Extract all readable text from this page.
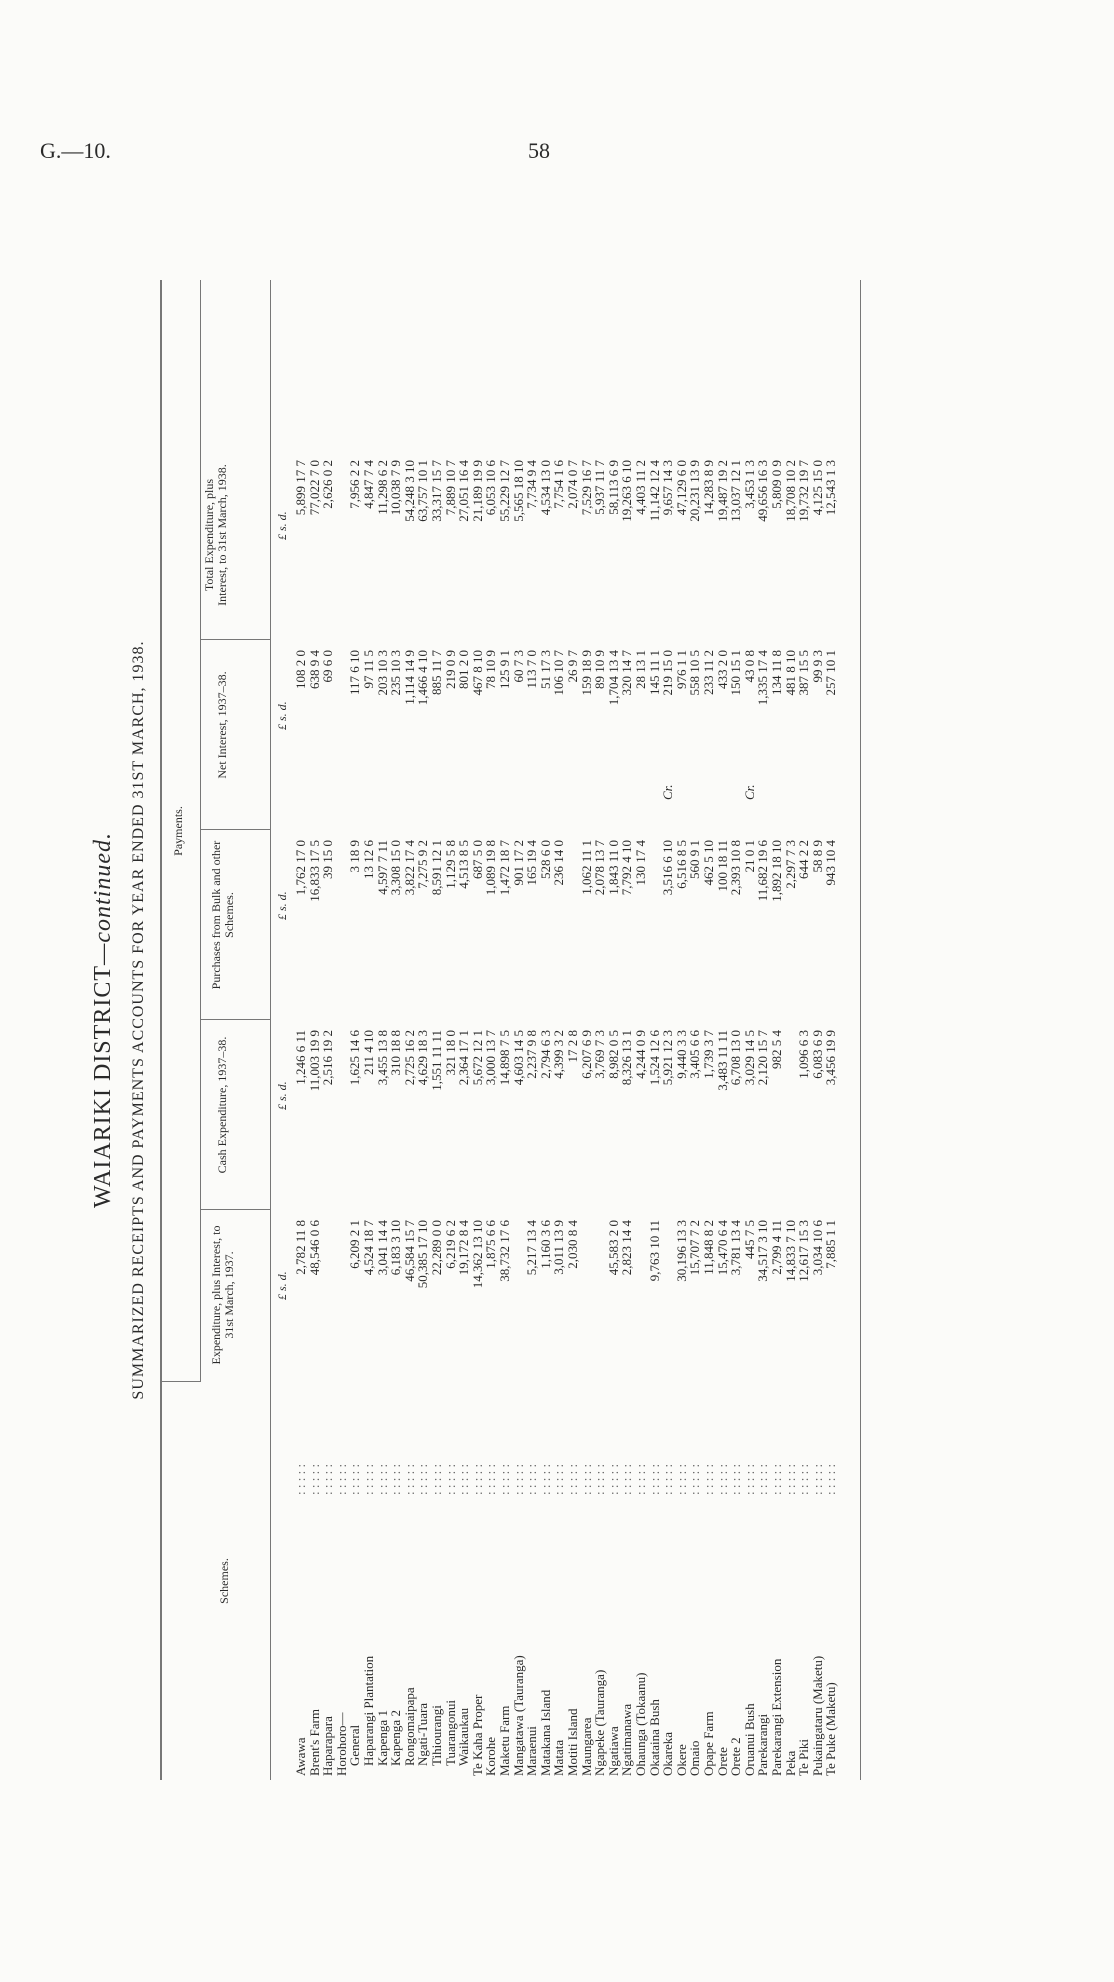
G.—10.	58
WAIARIKI DISTRICT—continued. SUMMARIZED RECEIPTS AND PAYMENTS ACCOUNTS FOR YEAR ENDED 31ST MARCH, 1938.
Schemes.
Payments.
Expenditure, plus Interest, to 31st March, 1937.
Cash Expenditure, 1937–38.
Purchases from Bulk and other Schemes.
Net Interest, 1937–38.
Total Expenditure, plus Interest, to 31st March, 1938.
£ s. d.
£ s. d.
£ s. d.
£ s. d.
£ s. d.
Awawa
: : : : :
2,782 11 8
1,246 6 11
1,762 17 0
108 2 0
5,899 17 7
Brent's Farm
: : : : :
48,546 0 6
11,003 19 9
16,833 17 5
638 9 4
77,022 7 0
Haparapara
: : : : :
2,516 19 2
39 15 0
69 6 0
2,626 0 2
Horohoro—
: : : : :
General
: : : : :
6,209 2 1
1,625 14 6
3 18 9
117 6 10
7,956 2 2
Haparangi Plantation
: : : : :
4,524 18 7
211 4 10
13 12 6
97 11 5
4,847 7 4
Kapenga 1
: : : : :
3,041 14 4
3,455 13 8
4,597 7 11
203 10 3
11,298 6 2
Kapenga 2
: : : : :
6,183 3 10
310 18 8
3,308 15 0
235 10 3
10,038 7 9
Rongomaipapa
: : : : :
46,584 15 7
2,725 16 2
3,822 17 4
1,114 14 9
54,248 3 10
Ngati-Tuara
: : : : :
50,385 17 10
4,629 18 3
7,275 9 2
1,466 4 10
63,757 10 1
Tihiourangi
: : : : :
22,289 0 0
1,551 11 11
8,591 12 1
885 11 7
33,317 15 7
Tuarangonui
: : : : :
6,219 6 2
321 18 0
1,129 5 8
219 0 9
7,889 10 7
Waikaukau
: : : : :
19,172 8 4
2,364 17 1
4,513 8 5
801 2 0
27,051 16 4
Te Kaha Proper
: : : : :
14,362 13 10
5,672 12 1
687 5 0
467 8 10
21,189 19 9
Korohe
: : : : :
1,875 6 6
3,000 13 7
1,089 19 8
78 10 9
6,053 10 6
Maketu Farm
: : : : :
38,732 17 6
14,898 7 5
1,472 18 7
125 9 1
55,229 12 7
Mangatawa (Tauranga)
: : : : :
4,603 14 5
901 17 2
60 7 3
5,565 18 10
Maraenui
: : : : :
5,217 13 4
2,237 9 8
165 19 4
113 7 0
7,734 9 4
Matakana Island
: : : : :
1,160 3 6
2,794 6 3
528 6 0
51 17 3
4,534 13 0
Matata
: : : : :
3,011 13 9
4,399 3 2
236 14 0
106 10 7
7,754 1 6
Motiti Island
: : : : :
2,030 8 4
17 2 8
26 9 7
2,074 0 7
Maungarea
: : : : :
6,207 6 9
1,062 11 1
159 18 9
7,529 16 7
Ngapeke (Tauranga)
: : : : :
3,769 7 3
2,078 13 7
89 10 9
5,937 11 7
Ngatiawa
: : : : :
45,583 2 0
8,982 0 5
1,843 11 0
1,704 13 4
58,113 6 9
Ngatimanawa
: : : : :
2,823 14 4
8,326 13 1
7,792 4 10
320 14 7
19,263 6 10
Ohaunga (Tokaanu)
: : : : :
4,244 0 9
130 17 4
28 13 1
4,403 11 2
Okataina Bush
: : : : :
9,763 10 11
1,524 12 6
145 11 1
11,142 12 4
Okareka
: : : : :
5,921 12 3
3,516 6 10
219 15 0
9,657 14 3
Cr.
Okere
: : : : :
30,196 13 3
9,440 3 3
6,516 8 5
976 1 1
47,129 6 0
Omaio
: : : : :
15,707 7 2
3,405 6 6
560 9 1
558 10 5
20,231 13 9
Opape Farm
: : : : :
11,848 8 2
1,739 3 7
462 5 10
233 11 2
14,283 8 9
Orete
: : : : :
15,470 6 4
3,483 11 11
100 18 11
433 2 0
19,487 19 2
Orete 2
: : : : :
3,781 13 4
6,708 13 0
2,393 10 8
150 15 1
13,037 12 1
Oruanui Bush
: : : : :
445 7 5
3,029 14 5
21 0 1
43 0 8
3,453 1 3
Cr.
Parekarangi
: : : : :
34,517 3 10
2,120 15 7
11,682 19 6
1,335 17 4
49,656 16 3
Parekarangi Extension
: : : : :
2,799 4 11
982 5 4
1,892 18 10
134 11 8
5,809 0 9
Peka
: : : : :
14,833 7 10
2,297 7 3
481 8 10
18,708 10 2
Te Piki
: : : : :
12,617 15 3
1,096 6 3
644 2 2
387 15 5
19,732 19 7
Pukaingataru (Maketu)
: : : : :
3,034 10 6
6,083 6 9
58 8 9
99 9 3
4,125 15 0
Te Puke (Maketu)
: : : : :
7,885 1 1
3,456 19 9
943 10 4
257 10 1
12,543 1 3
